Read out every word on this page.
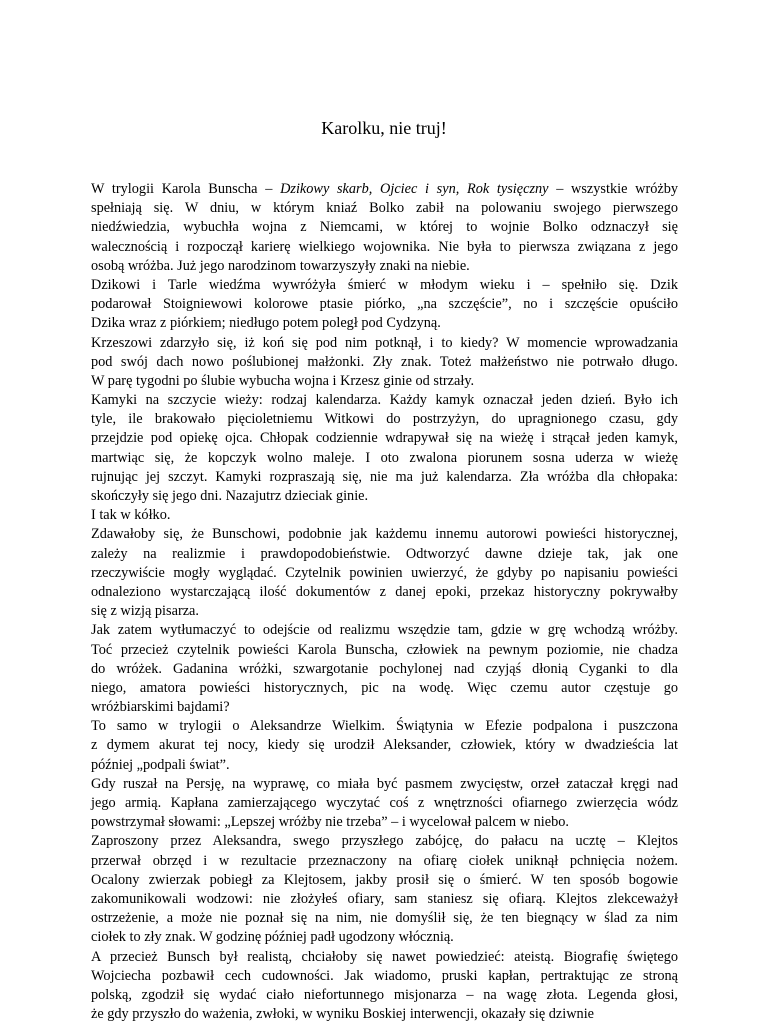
Karolku, nie truj!
W trylogii Karola Bunscha – Dzikowy skarb, Ojciec i syn, Rok tysięczny – wszystkie wróżby
spełniają się. W dniu, w którym kniaź Bolko zabił na polowaniu swojego pierwszego
niedźwiedzia, wybuchła wojna z Niemcami, w której to wojnie Bolko odznaczył się
walecznością i rozpoczął karierę wielkiego wojownika. Nie była to pierwsza związana z jego
osobą wróżba. Już jego narodzinom towarzyszyły znaki na niebie.
Dzikowi i Tarle wiedźma wywróżyła śmierć w młodym wieku i – spełniło się. Dzik
podarował Stoigniewowi kolorowe ptasie piórko, „na szczęście”, no i szczęście opuściło
Dzika wraz z piórkiem; niedługo potem poległ pod Cydzyną.
Krzeszowi zdarzyło się, iż koń się pod nim potknął, i to kiedy? W momencie wprowadzania
pod swój dach nowo poślubionej małżonki. Zły znak. Toteż małżeństwo nie potrwało długo.
W parę tygodni po ślubie wybucha wojna i Krzesz ginie od strzały.
Kamyki na szczycie wieży: rodzaj kalendarza. Każdy kamyk oznaczał jeden dzień. Było ich
tyle, ile brakowało pięcioletniemu Witkowi do postrzyżyn, do upragnionego czasu, gdy
przejdzie pod opiekę ojca. Chłopak codziennie wdrapywał się na wieżę i strącał jeden kamyk,
martwiąc się, że kopczyk wolno maleje. I oto zwalona piorunem sosna uderza w wieżę
rujnując jej szczyt. Kamyki rozpraszają się, nie ma już kalendarza. Zła wróżba dla chłopaka:
skończyły się jego dni. Nazajutrz dzieciak ginie.
I tak w kółko.
Zdawałoby się, że Bunschowi, podobnie jak każdemu innemu autorowi powieści historycznej,
zależy na realizmie i prawdopodobieństwie. Odtworzyć dawne dzieje tak, jak one
rzeczywiście mogły wyglądać. Czytelnik powinien uwierzyć, że gdyby po napisaniu powieści
odnaleziono wystarczającą ilość dokumentów z danej epoki, przekaz historyczny pokrywałby
się z wizją pisarza.
Jak zatem wytłumaczyć to odejście od realizmu wszędzie tam, gdzie w grę wchodzą wróżby.
Toć przecież czytelnik powieści Karola Bunscha, człowiek na pewnym poziomie, nie chadza
do wróżek. Gadanina wróżki, szwargotanie pochylonej nad czyjąś dłonią Cyganki to dla
niego, amatora powieści historycznych, pic na wodę. Więc czemu autor częstuje go
wróżbiarskimi bajdami?
To samo w trylogii o Aleksandrze Wielkim. Świątynia w Efezie podpalona i puszczona
z dymem akurat tej nocy, kiedy się urodził Aleksander, człowiek, który w dwadzieścia lat
później „podpali świat”.
Gdy ruszał na Persję, na wyprawę, co miała być pasmem zwycięstw, orzeł zataczał kręgi nad
jego armią. Kapłana zamierzającego wyczytać coś z wnętrzności ofiarnego zwierzęcia wódz
powstrzymał słowami: „Lepszej wróżby nie trzeba” – i wycelował palcem w niebo.
Zaproszony przez Aleksandra, swego przyszłego zabójcę, do pałacu na ucztę – Klejtos
przerwał obrzęd i w rezultacie przeznaczony na ofiarę ciołek uniknął pchnięcia nożem.
Ocalony zwierzak pobiegł za Klejtosem, jakby prosił się o śmierć. W ten sposób bogowie
zakomunikowali wodzowi: nie złożyłeś ofiary, sam staniesz się ofiarą. Klejtos zlekceważył
ostrzeżenie, a może nie poznał się na nim, nie domyślił się, że ten biegnący w ślad za nim
ciołek to zły znak. W godzinę później padł ugodzony włócznią.
A przecież Bunsch był realistą, chciałoby się nawet powiedzieć: ateistą. Biografię świętego
Wojciecha pozbawił cech cudowności. Jak wiadomo, pruski kapłan, pertraktując ze stroną
polską, zgodził się wydać ciało niefortunnego misjonarza – na wagę złota. Legenda głosi,
że gdy przyszło do ważenia, zwłoki, w wyniku Boskiej interwencji, okazały się dziwnie
